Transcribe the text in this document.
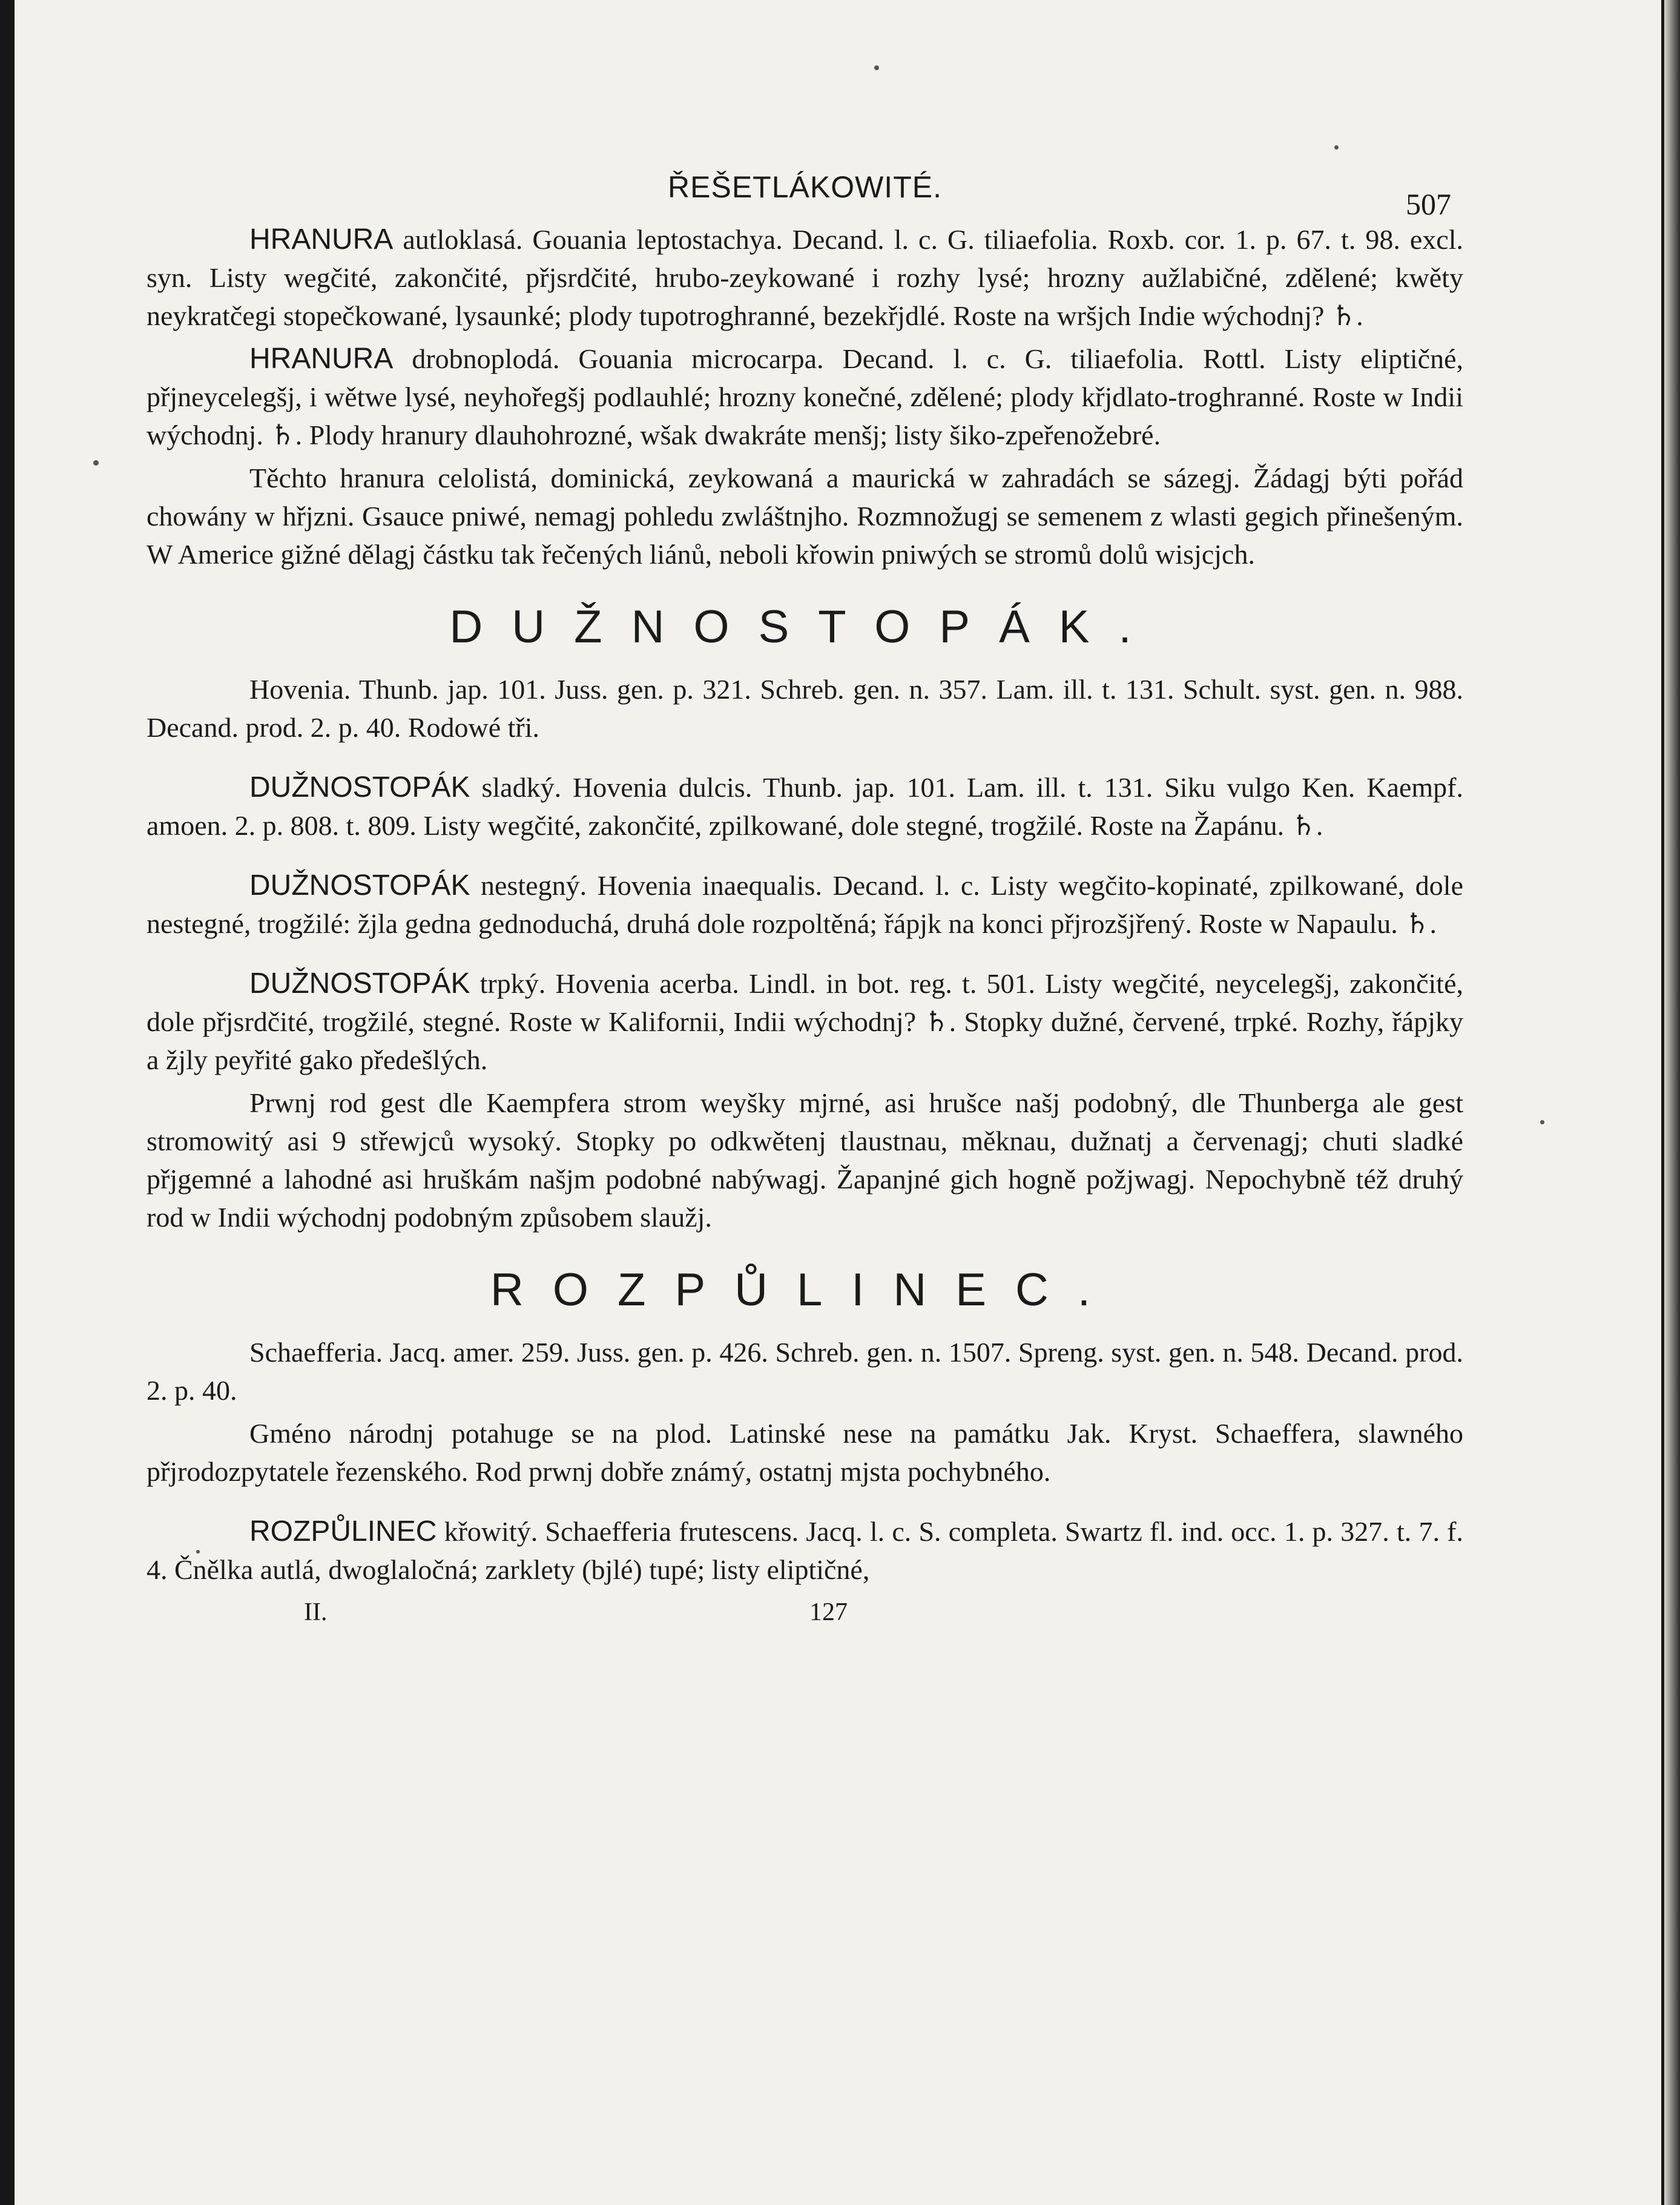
ŘEŠETLÁKOWITÉ.	507

HRANURA autloklasá. Gouania leptostachya. Decand. l. c. G. tiliaefolia. Roxb. cor. 1. p. 67. t. 98. excl. syn. Listy wegčité, zakončité, přjsrdčité, hrubo-zeykowané i rozhy lysé; hrozny aužlabičné, zdělené; kwěty neykratčegi stopečkowané, lysaunké; plody tupotroghranné, bezekřjdlé. Roste na wršjch Indie wýchodnj? ♄.

HRANURA drobnoplodá. Gouania microcarpa. Decand. l. c. G. tiliaefolia. Rottl. Listy eliptičné, přjneycelegšj, i wětwe lysé, neyhořegšj podlauhlé; hrozny konečné, zdělené; plody křjdlato-troghranné. Roste w Indii wýchodnj. ♄. Plody hranury dlauhohrozné, wšak dwakráte menšj; listy šiko-zpeřenožebré.

Těchto hranura celolistá, dominická, zeykowaná a maurická w zahradách se sázegj. Žádagj býti pořád chowány w hřjzni. Gsauce pniwé, nemagj pohledu zwláštnjho. Rozmnožugj se semenem z wlasti gegich přinešeným. W Americe gižné dělagj částku tak řečených liánů, neboli křowin pniwých se stromů dolů wisjcjch.

DUŽNOSTOPÁK.

Hovenia. Thunb. jap. 101. Juss. gen. p. 321. Schreb. gen. n. 357. Lam. ill. t. 131. Schult. syst. gen. n. 988. Decand. prod. 2. p. 40. Rodowé tři.

DUŽNOSTOPÁK sladký. Hovenia dulcis. Thunb. jap. 101. Lam. ill. t. 131. Siku vulgo Ken. Kaempf. amoen. 2. p. 808. t. 809. Listy wegčité, zakončité, zpilkowané, dole stegné, trogžilé. Roste na Žapánu. ♄.

DUŽNOSTOPÁK nestegný. Hovenia inaequalis. Decand. l. c. Listy wegčito-kopinaté, zpilkowané, dole nestegné, trogžilé: žjla gedna gednoduchá, druhá dole rozpoltěná; řápjk na konci přjrozšjřený. Roste w Napaulu. ♄.

DUŽNOSTOPÁK trpký. Hovenia acerba. Lindl. in bot. reg. t. 501. Listy wegčité, neycelegšj, zakončité, dole přjsrdčité, trogžilé, stegné. Roste w Kalifornii, Indii wýchodnj? ♄. Stopky dužné, červené, trpké. Rozhy, řápjky a žjly peyřité gako předešlých.

Prwnj rod gest dle Kaempfera strom weyšky mjrné, asi hrušce našj podobný, dle Thunberga ale gest stromowitý asi 9 střewjců wysoký. Stopky po odkwětenj tlaustnau, měknau, dužnatj a červenagj; chuti sladké přjgemné a lahodné asi hruškám našjm podobné nabýwagj. Žapanjné gich hogně požjwagj. Nepochybně též druhý rod w Indii wýchodnj podobným způsobem slaužj.

ROZPŮLINEC.

Schaefferia. Jacq. amer. 259. Juss. gen. p. 426. Schreb. gen. n. 1507. Spreng. syst. gen. n. 548. Decand. prod. 2. p. 40.

Gméno národnj potahuge se na plod. Latinské nese na památku Jak. Kryst. Schaeffera, slawného přjrodozpytatele řezenského. Rod prwnj dobře známý, ostatnj mjsta pochybného.

ROZPŮLINEC křowitý. Schaefferia frutescens. Jacq. l. c. S. completa. Swartz fl. ind. occ. 1. p. 327. t. 7. f. 4. Čnělka autlá, dwoglaločná; zarklety (bjlé) tupé; listy eliptičné,

II.	127
